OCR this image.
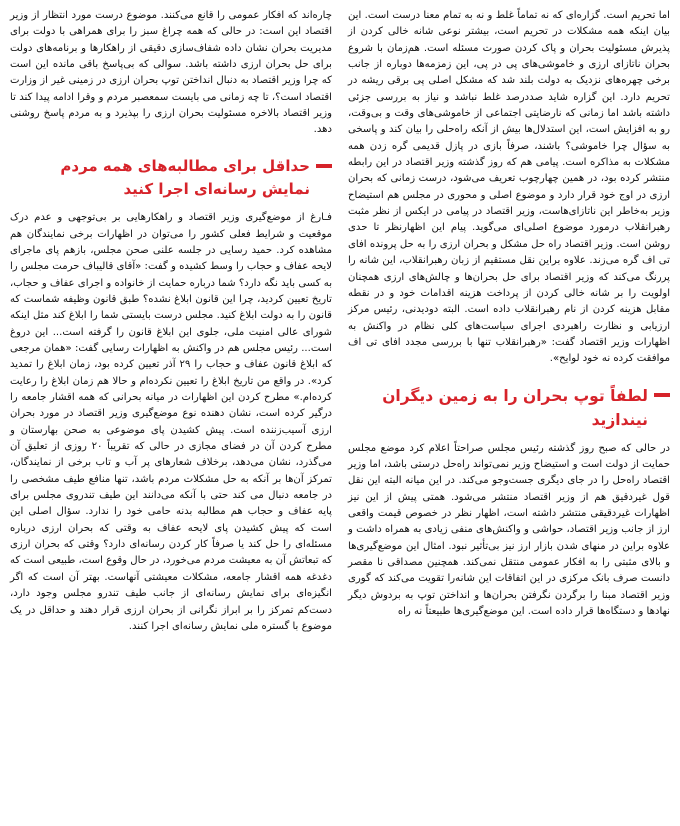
اما تحریم است. گزاره‌ای که نه تماماً غلط و نه به تمام معنا درست است. این بیان اینکه همه مشکلات در تحریم است، بیشتر نوعی شانه خالی کردن از پذیرش مسئولیت بحران و پاک کردن صورت مسئله است. هم‌زمان با شروع بحران ناتازای ارزی و خاموشی‌های پی در پی، این زمزمه‌ها دوباره از جانب برخی چهره‌های نزدیک به دولت بلند شد که مشکل اصلی پی برقی ریشه در تحریم دارد. این گزاره شاید صددرصد غلط نباشد و نیاز به بررسی جزئی داشته باشد اما زمانی که نارضایتی اجتماعی از خاموشی‌های وقت و بی‌وقت، رو به افزایش است، این استدلال‌ها بیش از آنکه راه‌حلی را بیان کند و پاسخی به سؤال چرا خاموشی؟ باشند، صرفاً بازی در پازل قدیمی گره زدن همه مشکلات به مذاکره است. پیامی هم که روز گذشته وزیر اقتصاد در این رابطه منتشر کرده بود، در همین چهارچوب تعریف می‌شود، درست زمانی که بحران ارزی در اوج خود قرار دارد و موضوع اصلی و محوری در مجلس هم استیضاح وزیر به‌خاطر این ناتازای‌هاست، وزیر اقتصاد در پیامی در ایکس از نظر مثبت رهبرانقلاب درمورد موضوع اصلی‌ای می‌گوید. پیام این اظهارنظر تا حدی روشن است. وزیر اقتصاد راه حل مشکل و بحران ارزی را به حل پرونده افای تی اف گره می‌زند. علاوه براین نقل مستقیم از زبان رهبرانقلاب، این شانه را پررنگ می‌کند که وزیر اقتصاد برای حل بحران‌ها و چالش‌های ارزی همچنان اولویت را بر شانه خالی کردن از پرداخت هزینه اقدامات خود و در نقطه مقابل هزینه کردن از نام رهبرانقلاب داده است. البته دو‌دیدنی، رئیس مرکز ارزیابی و نظارت راهبردی اجرای سیاست‌های کلی نظام در واکنش به اظهارات وزیر اقتصاد گفت: «رهبرانقلاب تنها با بررسی مجدد افای تی اف موافقت کرده نه خود لوایح».

لطفاً توپ بحران را به زمین دیگران نیندازید

در حالی که صبح روز گذشته رئیس مجلس صراحتاً اعلام کرد موضع مجلس حمایت از دولت است و استیضاح وزیر نمی‌تواند راه‌حل درستی باشد، اما وزیر اقتصاد راه‌حل را در جای دیگری جست‌وجو می‌کند. در این میانه البته این نقل قول غیردقیق هم از وزیر اقتصاد منتشر می‌شود. همتی پیش از این نیز اظهارات غیردقیقی منتشر داشته است، اظهار نظر در خصوص قیمت واقعی ارز از جانب وزیر اقتصاد، حواشی و واکنش‌های منفی زیادی به همراه داشت و علاوه براین در منهای شدن بازار ارز نیز بی‌تأثیر نبود. امثال این موضع‌گیری‌ها و بالای مثبتی را به افکار عمومی منتقل نمی‌کند. همچنین مصداقی نا مقصر دانست صرف بانک مرکزی در این اتفاقات این شانه‌را تقویت می‌کند که گوری وزیر اقتصاد مبنا را برگردن نگرفتن بحران‌ها و انداختن توپ به بردوش دیگر نهادها و دستگاه‌ها قرار داده است. این موضع‌گیری‌ها طبیعتاً نه راه

چاره‌اند که افکار عمومی را قانع می‌کنند. موضوع درست مورد انتظار از وزیر اقتصاد این است: در حالی که همه چراغ سبز را برای همراهی با دولت برای مدیریت بحران نشان داده شفاف‌سازی دقیقی از راهکارها و برنامه‌های دولت برای حل بحران ارزی داشته باشد. سوالی که بی‌پاسخ باقی مانده این است که چرا وزیر اقتصاد به دنبال انداختن توپ بحران ارزی در زمینی غیر از وزارت اقتصاد است؟، تا چه زمانی می بایست سمعصبر مردم و وقرا ادامه پیدا کند تا وزیر اقتصاد بالاخره مسئولیت بحران ارزی را بپذیرد و به مردم پاسخ روشنی دهد.

حداقل برای مطالبه‌های همه مردم
نمایش رسانه‌ای اجرا کنید

فـارغ از موضع‌گیری وزیر اقتصاد و راهکارهایی بر بی‌توجهی و عدم درک موقعیت و شرایط فعلی کشور را می‌توان در اظهارات برخی نمایندگان هم مشاهده کرد. حمید رسایی در جلسه علنی صحن مجلس، بازهم پای ماجرای لایحه عفاف و حجاب را وسط کشیده و گفت: «آقای قالیباف حرمت مجلس را به کسی باید نگه دارد؟ شما درباره حمایت از خانواده و اجرای عفاف و حجاب، تاریخ تعیین کردید، چرا این قانون ابلاغ نشده؟ طبق قانون وظیفه شماست که قانون را به دولت ابلاغ کنید. مجلس درست بایستی شما را ابلاغ کند مثل اینکه شورای عالی امنیت ملی، جلوی این ابلاغ قانون را گرفته است... این دروغ است... رئیس مجلس هم در واکنش به اظهارات رسایی گفت: «همان مرجعی که ابلاغ قانون عفاف و حجاب را ۲۹ آذر تعیین کرده بود، زمان ابلاغ را تمدید کرد». در واقع من تاریخ ابلاغ را تعیین نکرده‌ام و حالا هم زمان ابلاغ را رعایت کرده‌ام.» مطرح کردن این اظهارات در میانه بحرانی که همه اقشار جامعه را درگیر کرده است، نشان دهنده نوع موضع‌گیری وزیر اقتصاد در مورد بحران ارزی آسیب‌زننده است. پیش کشیدن پای موضوعی به صحن بهارستان و مطرح کردن آن در فضای مجازی در حالی که تقریباً ۲۰ روزی از تعلیق آن می‌گذرد، نشان می‌دهد، برخلاف شعار‌های پر آب و تاب برخی از نمایندگان، تمرکز آن‌ها بر آنکه به حل مشکلات مردم باشد، تنها منافع طیف مشخصی را در جامعه دنبال می کند حتی با آنکه می‌دانند این طیف تندروی مجلس برای پایه عفاف و حجاب هم مطالبه بدنه حامی خود را ندارد. سؤال اصلی این است که پیش کشیدن پای لایحه عفاف به وقتی که بحران ارزی درباره مسئله‌ای را حل کند یا صرفاً کار کردن رسانه‌ای دارد؟ وقتی که بحران ارزی که تبعاتش آن به معیشت مردم می‌خورد، در حال وقوع است، طبیعی است که دغدغه همه اقشار جامعه، مشکلات معیشتی آنهاست. بهتر آن است که اگر انگیزه‌ای برای نمایش رسانه‌ای از جانب طیف تندرو مجلس وجود دارد، دست‌کم تمرکز را بر ابراز نگرانی از بحران ارزی قرار دهند و حداقل در یک موضوع با گستره ملی نمایش رسانه‌ای اجرا کنند.
